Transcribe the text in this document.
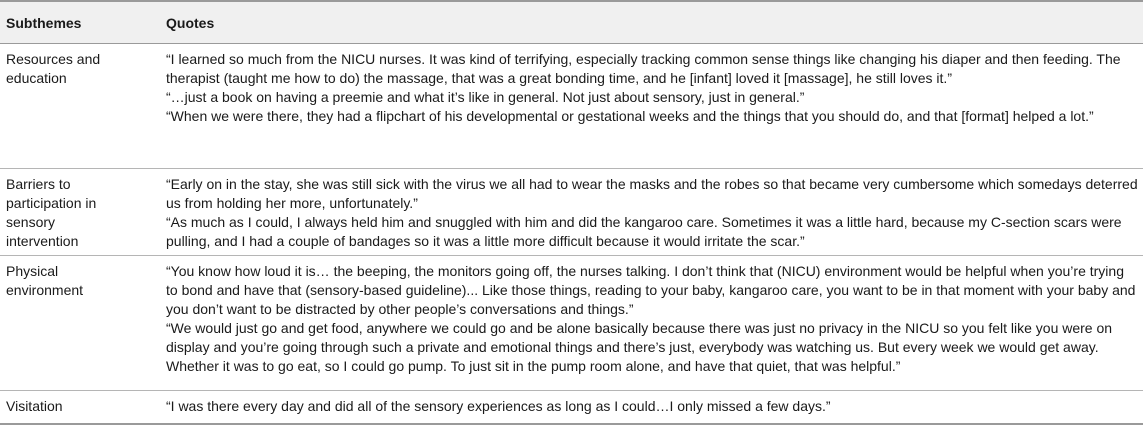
Subthemes	Quotes
Resources and
education
“I learned so much from the NICU nurses. It was kind of terrifying, especially tracking common sense things like changing his diaper and then feeding. The therapist (taught me how to do) the massage, that was a great bonding time, and he [infant] loved it [massage], he still loves it.”
“…just a book on having a preemie and what it’s like in general. Not just about sensory, just in general.”
“When we were there, they had a flipchart of his developmental or gestational weeks and the things that you should do, and that [format] helped a lot.”
Barriers to
participation in
sensory
intervention
“Early on in the stay, she was still sick with the virus we all had to wear the masks and the robes so that became very cumbersome which somedays deterred us from holding her more, unfortunately.”
“As much as I could, I always held him and snuggled with him and did the kangaroo care. Sometimes it was a little hard, because my C-section scars were pulling, and I had a couple of bandages so it was a little more difficult because it would irritate the scar.”
Physical
environment
“You know how loud it is… the beeping, the monitors going off, the nurses talking. I don’t think that (NICU) environment would be helpful when you’re trying to bond and have that (sensory-based guideline)... Like those things, reading to your baby, kangaroo care, you want to be in that moment with your baby and you don’t want to be distracted by other people’s conversations and things.”
“We would just go and get food, anywhere we could go and be alone basically because there was just no privacy in the NICU so you felt like you were on display and you’re going through such a private and emotional things and there’s just, everybody was watching us. But every week we would get away. Whether it was to go eat, so I could go pump. To just sit in the pump room alone, and have that quiet, that was helpful.”
Visitation	“I was there every day and did all of the sensory experiences as long as I could…I only missed a few days.”
